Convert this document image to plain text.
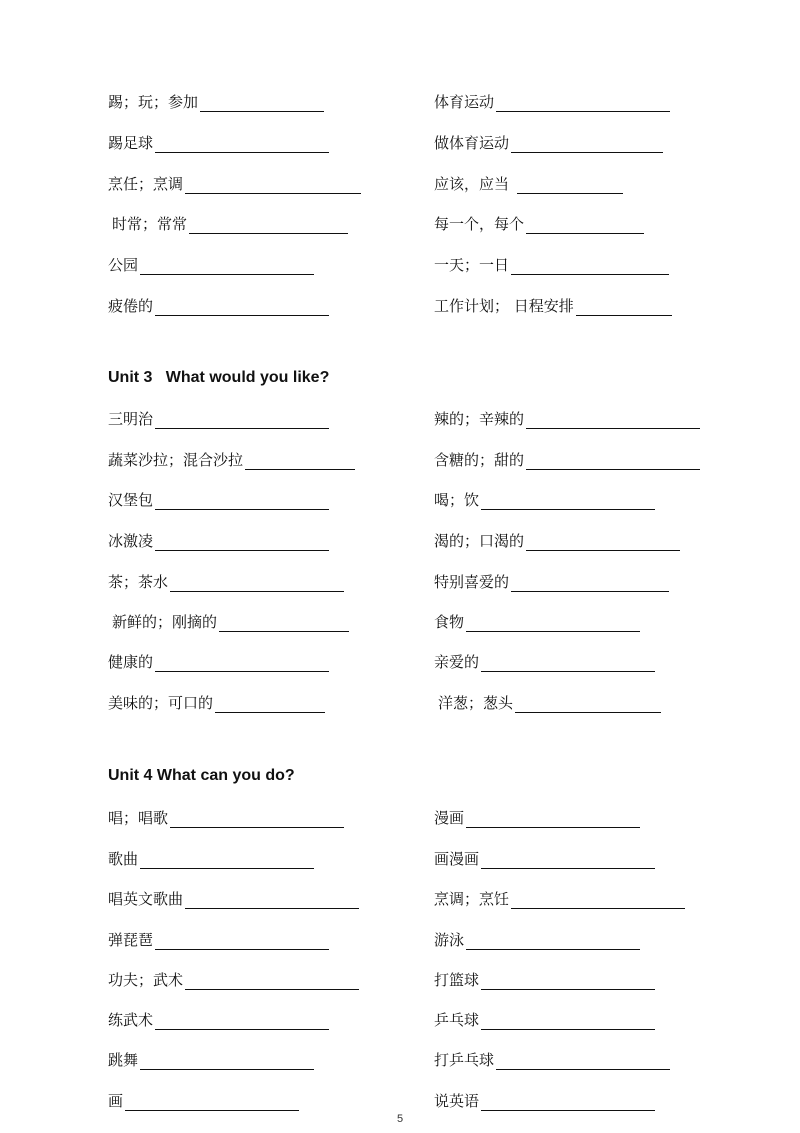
踢；玩；参加
踢足球
烹任；烹调
时常；常常
公园
疲倦的
体育运动
做体育运动
应该，应当
每一个，每个
一天；一日
工作计划； 日程安排
Unit 3   What would you like?
三明治
蔬菜沙拉；混合沙拉
汉堡包
冰激凌
茶；茶水
新鲜的；刚摘的
健康的
美味的；可口的
辣的；辛辣的
含糖的；甜的
喝；饮
渴的；口渴的
特别喜爱的
食物
亲爱的
洋葱；葱头
Unit 4 What can you do?
唱；唱歌
歌曲
唱英文歌曲
弹琵琶
功夫；武术
练武术
跳舞
画
漫画
画漫画
烹调；烹饪
游泳
打篮球
乒乓球
打乒乓球
说英语
5
